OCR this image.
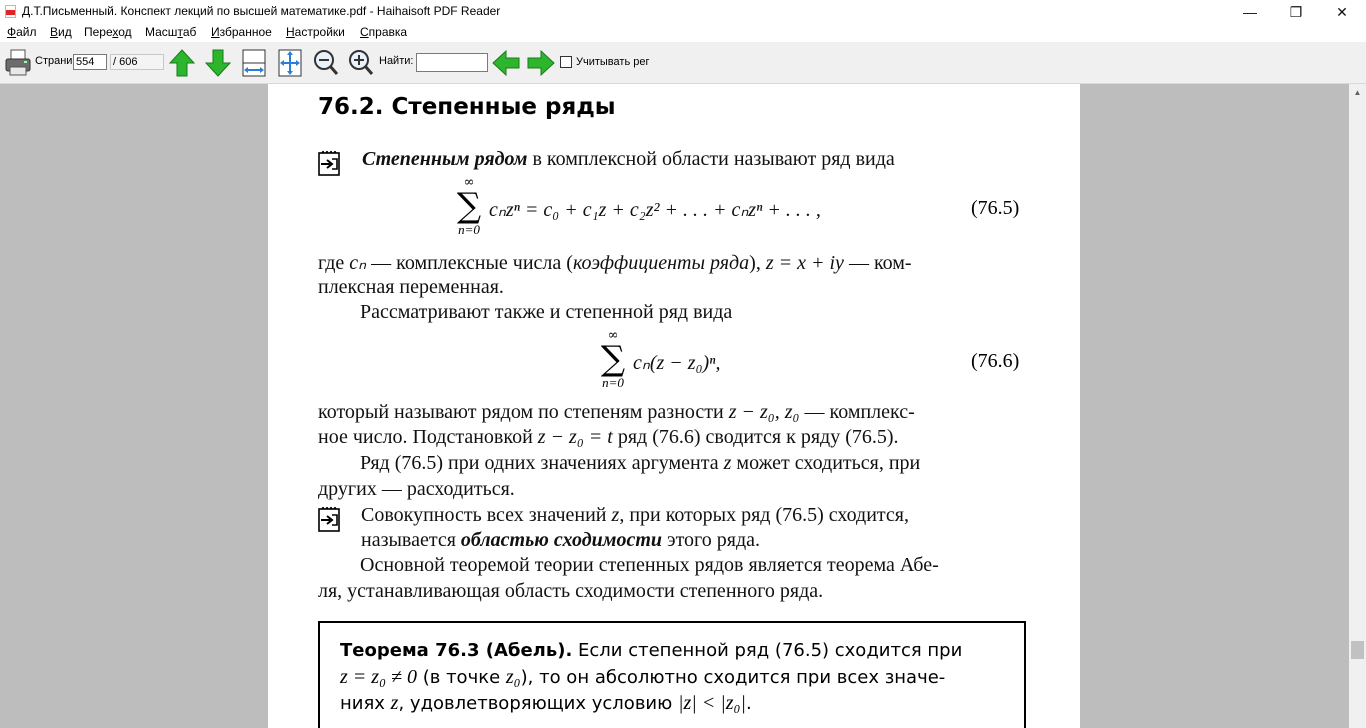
Д.Т.Письменный. Конспект лекций по высшей математике.pdf - Haihaisoft PDF Reader	—	❐	✕
Файл Вид Переход Масштаб Избранное Настройки Справка
Страни 554	/ 606	Найти:	Учитывать рег
76.2. Степенные ряды
Степенным рядом в комплексной области называют ряд вида
∞
∑
n=0
cₙzⁿ = c₀ + c₁z + c₂z² + . . . + cₙzⁿ + . . . ,	(76.5)
где cₙ — комплексные числа (коэффициенты ряда), z = x + iy — ком-
плексная переменная.
Рассматривают также и степенной ряд вида
∞
∑
n=0
cₙ(z − z₀)ⁿ,	(76.6)
который называют рядом по степеням разности z − z₀, z₀ — комплекс-
ное число. Подстановкой z − z₀ = t ряд (76.6) сводится к ряду (76.5).
Ряд (76.5) при одних значениях аргумента z может сходиться, при
других — расходиться.
Совокупность всех значений z, при которых ряд (76.5) сходится,
называется областью сходимости этого ряда.
Основной теоремой теории степенных рядов является теорема Абе-
ля, устанавливающая область сходимости степенного ряда.
Теорема 76.3 (Абель). Если степенной ряд (76.5) сходится при
z = z₀ ≠ 0 (в точке z₀), то он абсолютно сходится при всех значе-
ниях z, удовлетворяющих условию |z| < |z₀|.
▲
